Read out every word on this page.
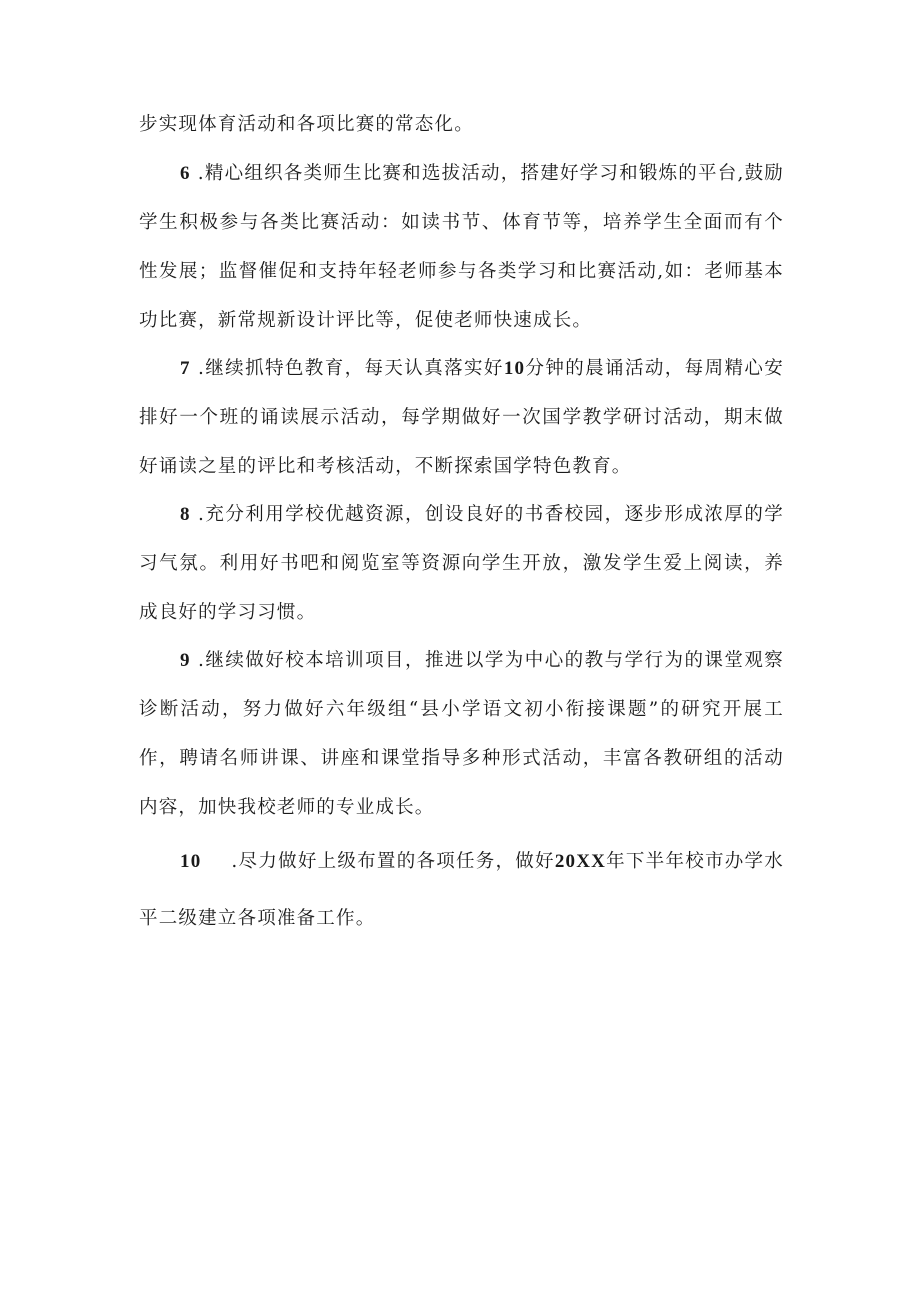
步实现体育活动和各项比赛的常态化。

6 .精心组织各类师生比赛和选拔活动，搭建好学习和锻炼的平台,鼓励学生积极参与各类比赛活动：如读书节、体育节等，培养学生全面而有个性发展；监督催促和支持年轻老师参与各类学习和比赛活动,如：老师基本功比赛，新常规新设计评比等，促使老师快速成长。

7 .继续抓特色教育，每天认真落实好10分钟的晨诵活动，每周精心安排好一个班的诵读展示活动，每学期做好一次国学教学研讨活动，期末做好诵读之星的评比和考核活动，不断探索国学特色教育。

8 .充分利用学校优越资源，创设良好的书香校园，逐步形成浓厚的学习气氛。利用好书吧和阅览室等资源向学生开放，激发学生爱上阅读，养成良好的学习习惯。

9 .继续做好校本培训项目，推进以学为中心的教与学行为的课堂观察诊断活动，努力做好六年级组“县小学语文初小衔接课题”的研究开展工作，聘请名师讲课、讲座和课堂指导多种形式活动，丰富各教研组的活动内容，加快我校老师的专业成长。

10 .尽力做好上级布置的各项任务，做好20XX年下半年校市办学水平二级建立各项准备工作。
